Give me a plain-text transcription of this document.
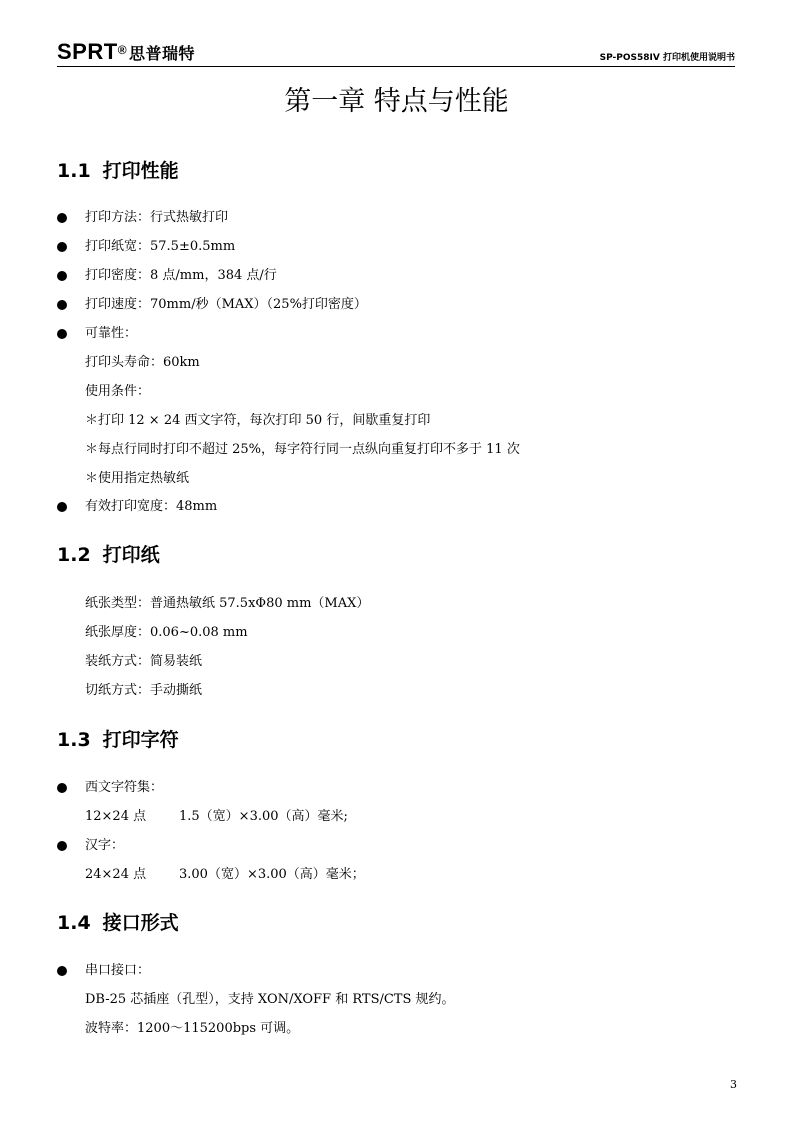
SPRT® 思普瑞特	SP-POS58IV 打印机使用说明书
第一章 特点与性能
1.1 打印性能
打印方法：行式热敏打印
打印纸宽：57.5±0.5mm
打印密度：8 点/mm，384 点/行
打印速度：70mm/秒（MAX）（25%打印密度）
可靠性：
打印头寿命：60km
使用条件：
＊打印 12 × 24 西文字符，每次打印 50 行，间歇重复打印
＊每点行同时打印不超过 25%，每字符行同一点纵向重复打印不多于 11 次
＊使用指定热敏纸
有效打印宽度：48mm
1.2 打印纸
纸张类型：普通热敏纸 57.5xΦ80 mm（MAX）
纸张厚度：0.06~0.08 mm
装纸方式：简易装纸
切纸方式：手动撕纸
1.3 打印字符
西文字符集：
12×24 点	1.5（宽）×3.00（高）毫米;
汉字：
24×24 点	3.00（宽）×3.00（高）毫米；
1.4 接口形式
串口接口：
DB-25 芯插座（孔型），支持 XON/XOFF 和 RTS/CTS 规约。
波特率：1200～115200bps 可调。
3
